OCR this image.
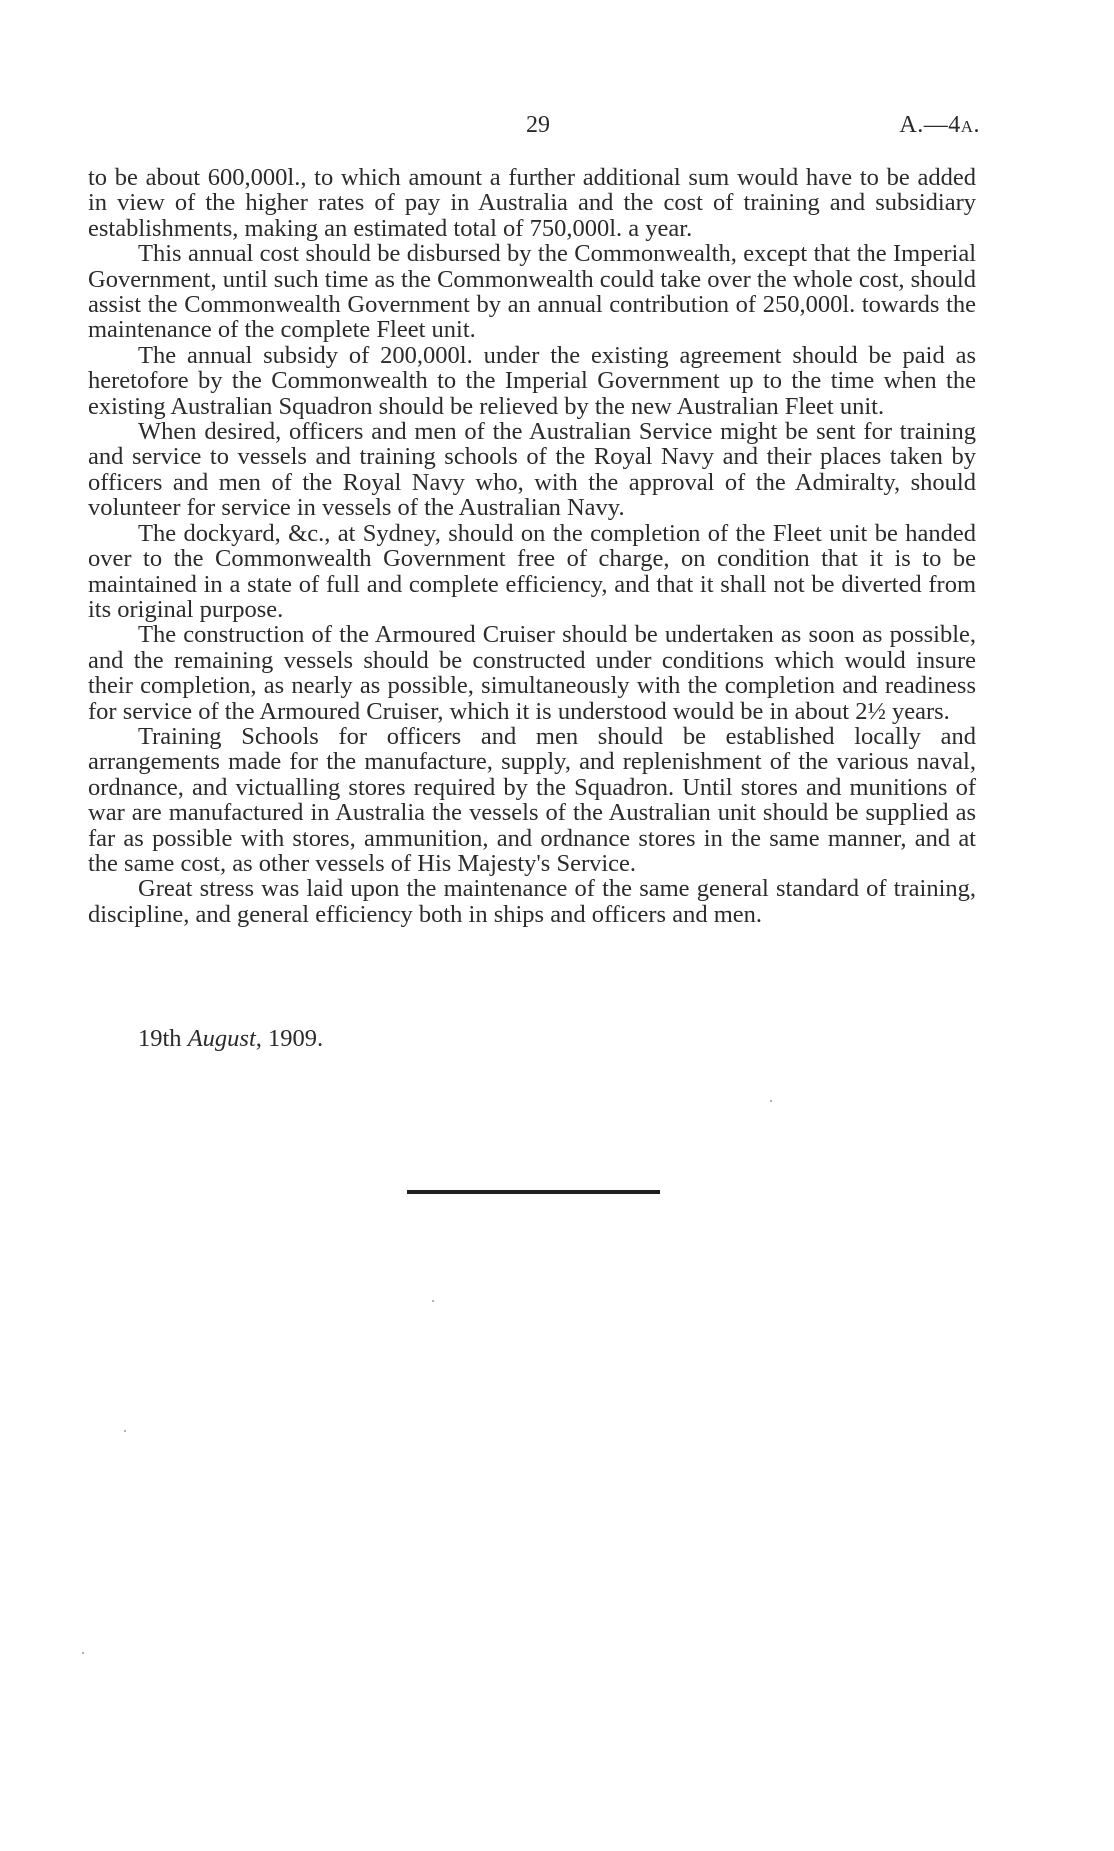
29	A.—4a.

to be about 600,000l., to which amount a further additional sum would have to be added in view of the higher rates of pay in Australia and the cost of training and subsidiary establishments, making an estimated total of 750,000l. a year.

This annual cost should be disbursed by the Commonwealth, except that the Imperial Government, until such time as the Commonwealth could take over the whole cost, should assist the Commonwealth Government by an annual contribution of 250,000l. towards the maintenance of the complete Fleet unit.

The annual subsidy of 200,000l. under the existing agreement should be paid as heretofore by the Commonwealth to the Imperial Government up to the time when the existing Australian Squadron should be relieved by the new Australian Fleet unit.

When desired, officers and men of the Australian Service might be sent for training and service to vessels and training schools of the Royal Navy and their places taken by officers and men of the Royal Navy who, with the approval of the Admiralty, should volunteer for service in vessels of the Australian Navy.

The dockyard, &c., at Sydney, should on the completion of the Fleet unit be handed over to the Commonwealth Government free of charge, on condition that it is to be maintained in a state of full and complete efficiency, and that it shall not be diverted from its original purpose.

The construction of the Armoured Cruiser should be undertaken as soon as possible, and the remaining vessels should be constructed under conditions which would insure their completion, as nearly as possible, simultaneously with the completion and readiness for service of the Armoured Cruiser, which it is understood would be in about 2½ years.

Training Schools for officers and men should be established locally and arrangements made for the manufacture, supply, and replenishment of the various naval, ordnance, and victualling stores required by the Squadron. Until stores and munitions of war are manufactured in Australia the vessels of the Australian unit should be supplied as far as possible with stores, ammunition, and ordnance stores in the same manner, and at the same cost, as other vessels of His Majesty's Service.

Great stress was laid upon the maintenance of the same general standard of training, discipline, and general efficiency both in ships and officers and men.

19th August, 1909.
